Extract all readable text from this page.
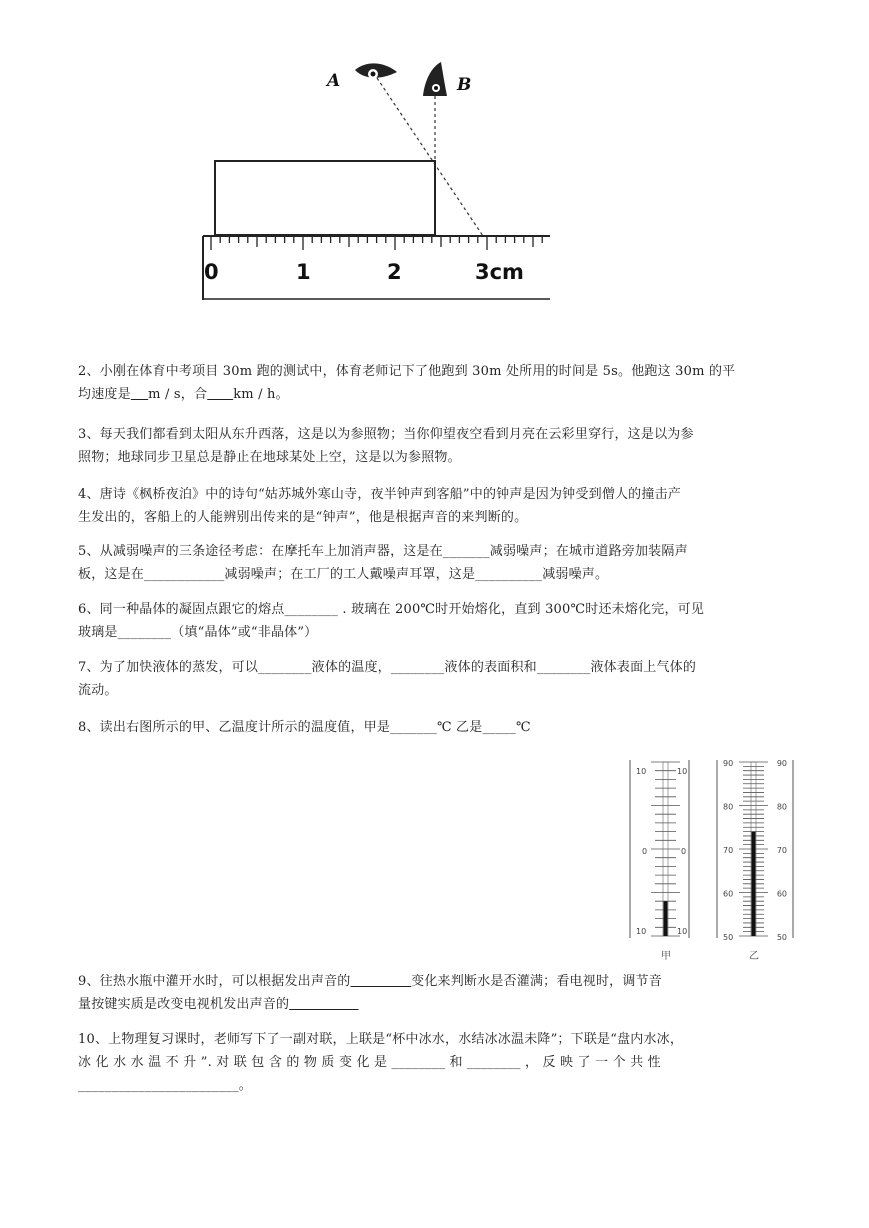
A	B
0	1	2	3cm
2、小刚在体育中考项目 30m 跑的测试中，体育老师记下了他跑到 30m 处所用的时间是 5s。他跑这 30m 的平
均速度是 m / s，合 km / h。
3、每天我们都看到太阳从东升西落，这是以为参照物；当你仰望夜空看到月亮在云彩里穿行，这是以为参
照物；地球同步卫星总是静止在地球某处上空，这是以为参照物。
4、唐诗《枫桥夜泊》中的诗句“姑苏城外寒山寺，夜半钟声到客船”中的钟声是因为钟受到僧人的撞击产
生发出的，客船上的人能辨别出传来的是“钟声”，他是根据声音的来判断的。
5、从减弱噪声的三条途径考虑：在摩托车上加消声器，这是在_______减弱噪声；在城市道路旁加装隔声
板，这是在____________减弱噪声；在工厂的工人戴噪声耳罩，这是__________减弱噪声。
6、同一种晶体的凝固点跟它的熔点________ . 玻璃在 200℃时开始熔化，直到 300℃时还未熔化完，可见
玻璃是________（填“晶体”或“非晶体”）
7、为了加快液体的蒸发，可以________液体的温度，________液体的表面积和________液体表面上气体的
流动。
8、读出右图所示的甲、乙温度计所示的温度值，甲是_______℃ 乙是_____℃
10	10
0	0
10	10
甲
90	90
80	80
70	70
60	60
50	50
乙
9、往热水瓶中灌开水时，可以根据发出声音的	变化来判断水是否灌满；看电视时，调节音
量按键实质是改变电视机发出声音的
10、上物理复习课时，老师写下了一副对联，上联是“杯中冰水，水结冰冰温未降”；下联是“盘内水冰，
冰 化 水 水 温 不 升 ”. 对 联 包 含 的 物 质 变 化 是 ________ 和 ________ ， 反 映 了 一 个 共 性
________________________。
